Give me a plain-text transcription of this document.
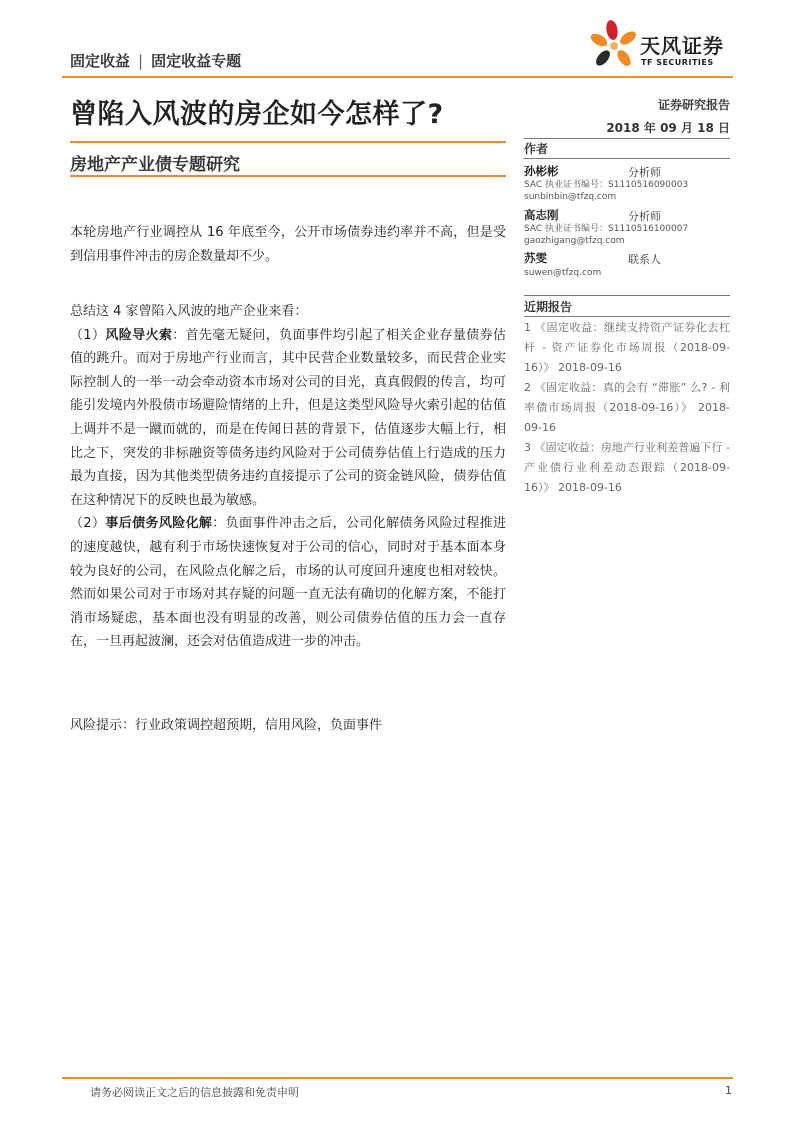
固定收益 | 固定收益专题
天风证券
TF SECURITIES
曾陷入风波的房企如今怎样了?	证券研究报告
2018 年 09 月 18 日
房地产产业债专题研究

本轮房地产行业调控从 16 年底至今，公开市场债券违约率并不高，但是受到信用事件冲击的房企数量却不少。

总结这 4 家曾陷入风波的地产企业来看：

（1）风险导火索：首先毫无疑问，负面事件均引起了相关企业存量债券估值的跳升。而对于房地产行业而言，其中民营企业数量较多，而民营企业实际控制人的一举一动会牵动资本市场对公司的目光，真真假假的传言，均可能引发境内外股债市场避险情绪的上升，但是这类型风险导火索引起的估值上调并不是一蹴而就的，而是在传闻日甚的背景下，估值逐步大幅上行，相比之下，突发的非标融资等债务违约风险对于公司债券估值上行造成的压力最为直接，因为其他类型债务违约直接提示了公司的资金链风险，债券估值在这种情况下的反映也最为敏感。

（2）事后债务风险化解：负面事件冲击之后，公司化解债务风险过程推进的速度越快，越有利于市场快速恢复对于公司的信心，同时对于基本面本身较为良好的公司，在风险点化解之后，市场的认可度回升速度也相对较快。然而如果公司对于市场对其存疑的问题一直无法有确切的化解方案，不能打消市场疑虑，基本面也没有明显的改善，则公司债券估值的压力会一直存在，一旦再起波澜，还会对估值造成进一步的冲击。

风险提示：行业政策调控超预期，信用风险，负面事件

作者
孙彬彬	分析师
SAC 执业证书编号：S1110516090003
sunbinbin@tfzq.com
高志刚	分析师
SAC 执业证书编号：S1110516100007
gaozhigang@tfzq.com
苏雯	联系人
suwen@tfzq.com
近期报告

1 《固定收益：继续支持资产证券化去杠杆 - 资产证券化市场周报（2018-09-16）》 2018-09-16

2 《固定收益：真的会有 “滞胀” 么? - 利率债市场周报（2018-09-16）》 2018-09-16

3 《固定收益：房地产行业利差普遍下行 - 产业债行业利差动态跟踪（2018-09-16）》 2018-09-16

请务必阅读正文之后的信息披露和免责申明	1
